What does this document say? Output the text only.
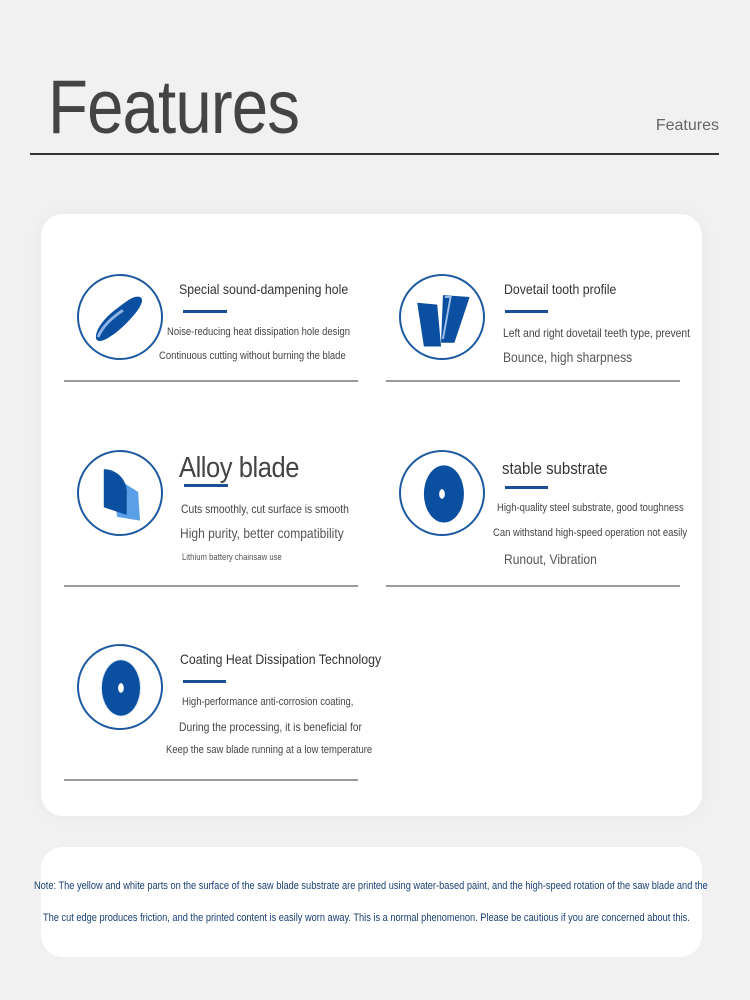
Features	Features
Special sound-dampening hole
Noise-reducing heat dissipation hole design
Continuous cutting without burning the blade
Dovetail tooth profile
Left and right dovetail teeth type, prevent
Bounce, high sharpness
Alloy blade
Cuts smoothly, cut surface is smooth
High purity, better compatibility
Lithium battery chainsaw use
stable substrate
High-quality steel substrate, good toughness
Can withstand high-speed operation not easily
Runout, Vibration
Coating Heat Dissipation Technology
High-performance anti-corrosion coating,
During the processing, it is beneficial for
Keep the saw blade running at a low temperature
Note: The yellow and white parts on the surface of the saw blade substrate are printed using water-based paint, and the high-speed rotation of the saw blade and the
The cut edge produces friction, and the printed content is easily worn away. This is a normal phenomenon. Please be cautious if you are concerned about this.
